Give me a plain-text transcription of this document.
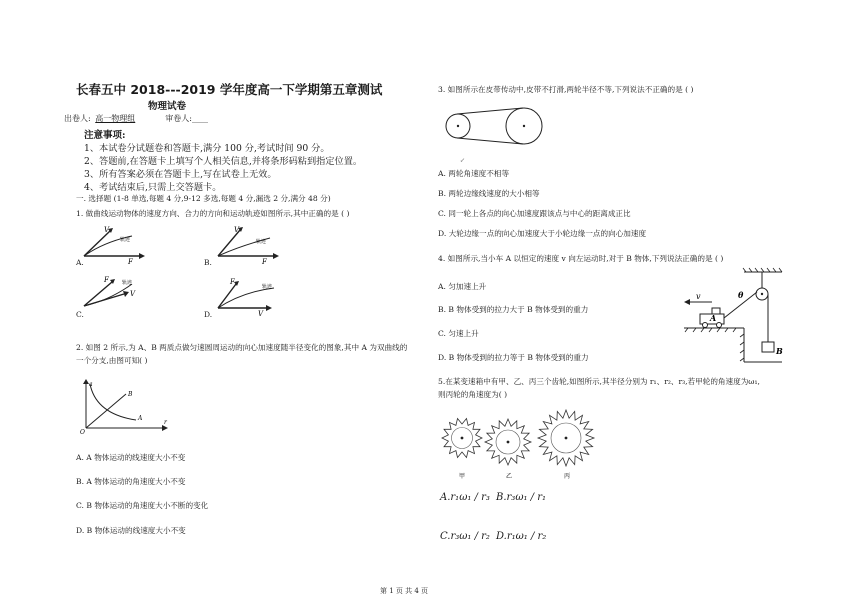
长春五中 2018---2019 学年度高一下学期第五章测试
物理试卷
出卷人: 高一物理组	审卷人:____
注意事项:
1、本试卷分试题卷和答题卡,满分 100 分,考试时间 90 分。
2、答题前,在答题卡上填写个人相关信息,并将条形码粘到指定位置。
3、所有答案必须在答题卡上,写在试卷上无效。
4、考试结束后,只需上交答题卡。
一. 选择题 (1-8 单选,每题 4 分,9-12 多选,每题 4 分,漏选 2 分,满分 48 分)
1. 做曲线运动物体的速度方向、合力的方向和运动轨迹如图所示,其中正确的是 ( )
V
轨迹
F
A.
V
轨迹
F
B.
F	轨迹
V
C.
F
轨迹
V
D.
2. 如图 2 所示,为 A、B 两质点做匀速圆周运动的向心加速度随半径变化的图象,其中 A 为双曲线的
一个分支,由图可知( )
a
r
O
B
A
A. A 物体运动的线速度大小不变
B. A 物体运动的角速度大小不变
C. B 物体运动的角速度大小不断的变化
D. B 物体运动的线速度大小不变
3. 如图所示在皮带传动中,皮带不打滑,两轮半径不等,下列说法不正确的是 ( )
↙
A. 两轮角速度不相等
B. 两轮边缘线速度的大小相等
C. 同一轮上各点的向心加速度跟该点与中心的距离成正比
D. 大轮边缘一点的向心加速度大于小轮边缘一点的向心加速度
4. 如图所示,当小车 A 以恒定的速度 v 向左运动时,对于 B 物体,下列说法正确的是 ( )
B
A
v	θ
A. 匀加速上升
B. B 物体受到的拉力大于 B 物体受到的重力
C. 匀速上升
D. B 物体受到的拉力等于 B 物体受到的重力
5.在某变速箱中有甲、乙、丙三个齿轮,如图所示,其半径分别为 r₁、r₂、r₃,若甲轮的角速度为ω₁,
则丙轮的角速度为( )
甲	乙	丙
A.r₁ω₁ / r₃ B.r₃ω₁ / r₁
C.r₃ω₁ / r₂ D.r₁ω₁ / r₂
第 1 页 共 4 页
